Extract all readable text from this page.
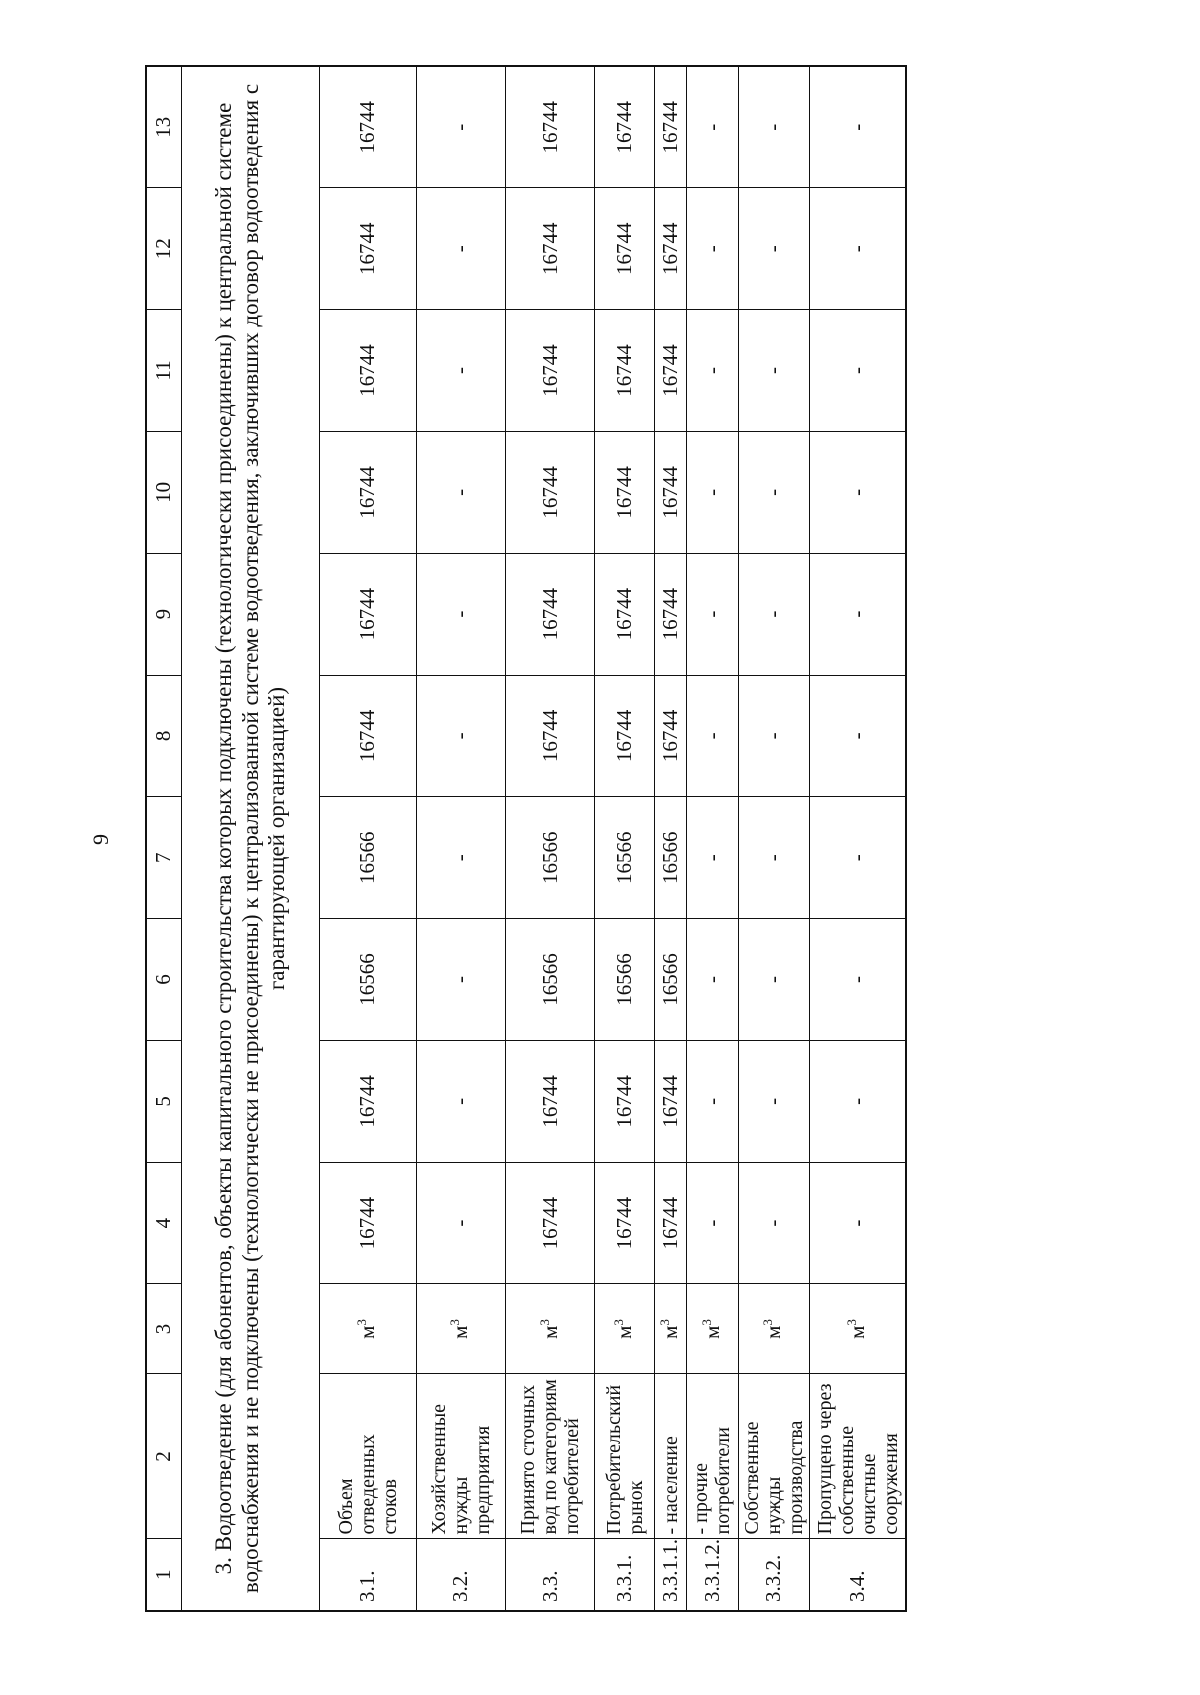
9
1	2	3	4	5	6	7	8	9	10	11	12	13
3. Водоотведение (для абонентов, объекты капитального строительства которых подключены (технологически присоединены) к центральной системе водоснабжения и не подключены (технологически не присоединены) к централизованной системе водоотведения, заключивших договор водоотведения с гарантирующей организацией)												
3.1.	Объем отведенных стоков	$м^3$	16744	16744	16566	16566	16744	16744	16744	16744	16744	16744
3.2.	Хозяйственные нужды предприятия	$м^3$	-	-	-	-	-	-	-	-	-	-
3.3.	Принято сточных вод по категориям потребителей	$м^3$	16744	16744	16566	16566	16744	16744	16744	16744	16744	16744
3.3.1.	Потребительский рынок	$м^3$	16744	16744	16566	16566	16744	16744	16744	16744	16744	16744
3.3.1.1.	- население	$м^3$	16744	16744	16566	16566	16744	16744	16744	16744	16744	16744
3.3.1.2.	- прочие потребители	$м^3$	-	-	-	-	-	-	-	-	-	-
3.3.2.	Собственные нужды производства	$м^3$	-	-	-	-	-	-	-	-	-	-
3.4.	Пропущено через собственные очистные сооружения	$м^3$	-	-	-	-	-	-	-	-	-	-
